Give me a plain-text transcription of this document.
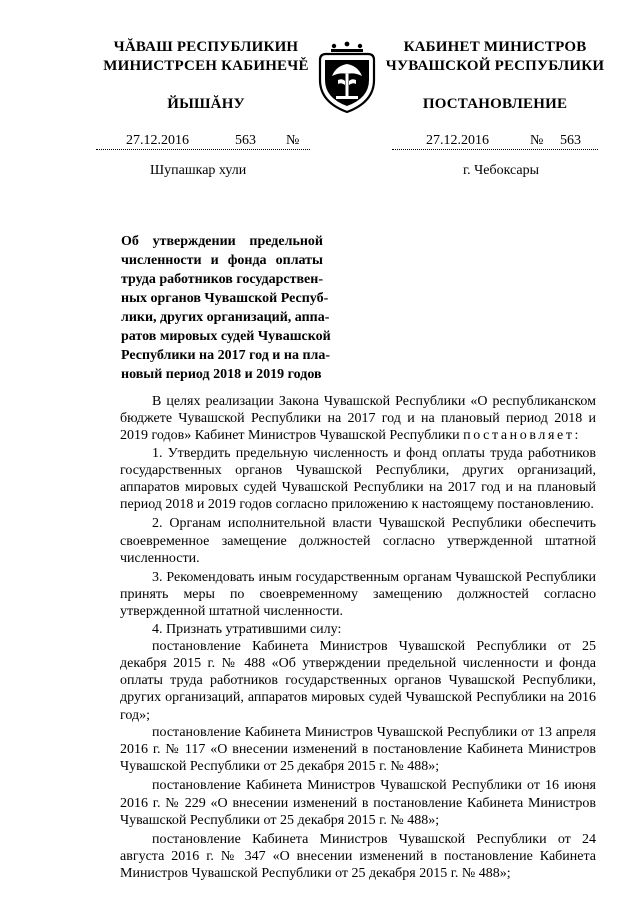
ЧĂВАШ РЕСПУБЛИКИН
МИНИСТРСЕН КАБИНЕЧĚ
ЙЫШĂНУ
КАБИНЕТ МИНИСТРОВ
ЧУВАШСКОЙ РЕСПУБЛИКИ
ПОСТАНОВЛЕНИЕ
27.12.2016	563 №	27.12.2016	№ 563
Шупашкар хули	г. Чебоксары
Об утверждении предельной
численности и фонда оплаты
труда работников государствен-
ных органов Чувашской Респуб-
лики, других организаций, аппа-
ратов мировых судей Чувашской
Республики на 2017 год и на пла-
новый период 2018 и 2019 годов

В целях реализации Закона Чувашской Республики «О республиканском бюджете Чувашской Республики на 2017 год и на плановый период 2018 и 2019 годов» Кабинет Министров Чувашской Республики постановляет:

1. Утвердить предельную численность и фонд оплаты труда работников государственных органов Чувашской Республики, других организаций, аппаратов мировых судей Чувашской Республики на 2017 год и на плановый период 2018 и 2019 годов согласно приложению к настоящему постановлению.

2. Органам исполнительной власти Чувашской Республики обеспечить своевременное замещение должностей согласно утвержденной штатной численности.

3. Рекомендовать иным государственным органам Чувашской Республики принять меры по своевременному замещению должностей согласно утвержденной штатной численности.

4. Признать утратившими силу:

постановление Кабинета Министров Чувашской Республики от 25 декабря 2015 г. № 488 «Об утверждении предельной численности и фонда оплаты труда работников государственных органов Чувашской Республики, других организаций, аппаратов мировых судей Чувашской Республики на 2016 год»;

постановление Кабинета Министров Чувашской Республики от 13 апреля 2016 г. № 117 «О внесении изменений в постановление Кабинета Министров Чувашской Республики от 25 декабря 2015 г. № 488»;

постановление Кабинета Министров Чувашской Республики от 16 июня 2016 г. № 229 «О внесении изменений в постановление Кабинета Министров Чувашской Республики от 25 декабря 2015 г. № 488»;

постановление Кабинета Министров Чувашской Республики от 24 августа 2016 г. № 347 «О внесении изменений в постановление Кабинета Министров Чувашской Республики от 25 декабря 2015 г. № 488»;
